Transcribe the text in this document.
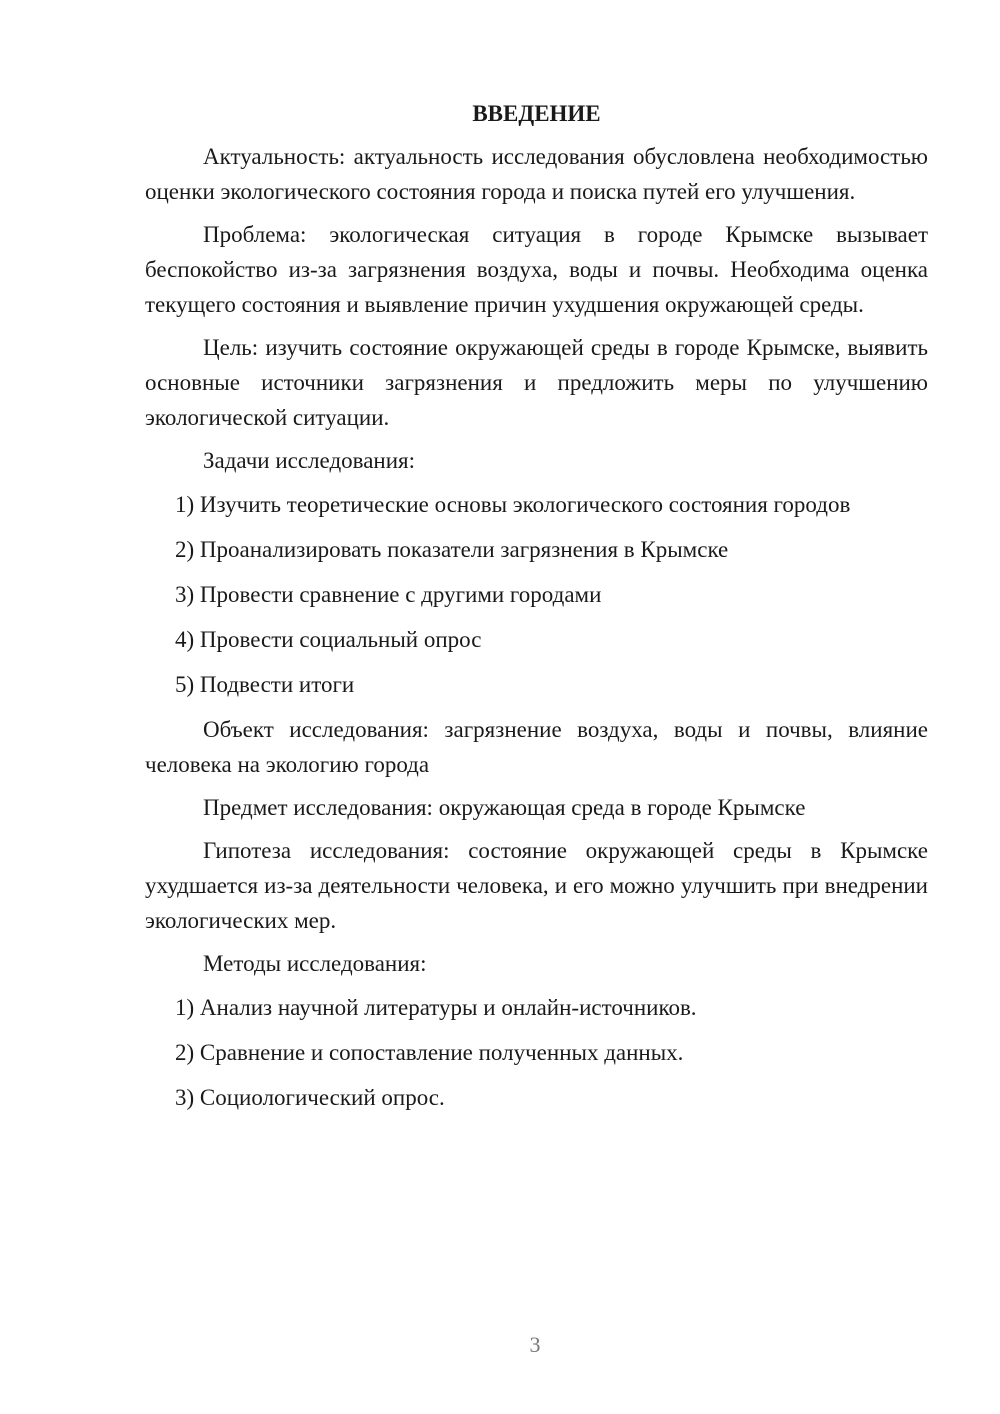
ВВЕДЕНИЕ

Актуальность: актуальность исследования обусловлена необходимостью оценки экологического состояния города и поиска путей его улучшения.

Проблема: экологическая ситуация в городе Крымске вызывает беспокойство из-за загрязнения воздуха, воды и почвы. Необходима оценка текущего состояния и выявление причин ухудшения окружающей среды.

Цель: изучить состояние окружающей среды в городе Крымске, выявить основные источники загрязнения и предложить меры по улучшению экологической ситуации.

Задачи исследования:

1) Изучить теоретические основы экологического состояния городов
2) Проанализировать показатели загрязнения в Крымске
3) Провести сравнение с другими городами
4) Провести социальный опрос
5) Подвести итоги

Объект исследования: загрязнение воздуха, воды и почвы, влияние человека на экологию города

Предмет исследования: окружающая среда в городе Крымске

Гипотеза исследования: состояние окружающей среды в Крымске ухудшается из-за деятельности человека, и его можно улучшить при внедрении экологических мер.

Методы исследования:

1) Анализ научной литературы и онлайн-источников.
2) Сравнение и сопоставление полученных данных.
3) Социологический опрос.
3
